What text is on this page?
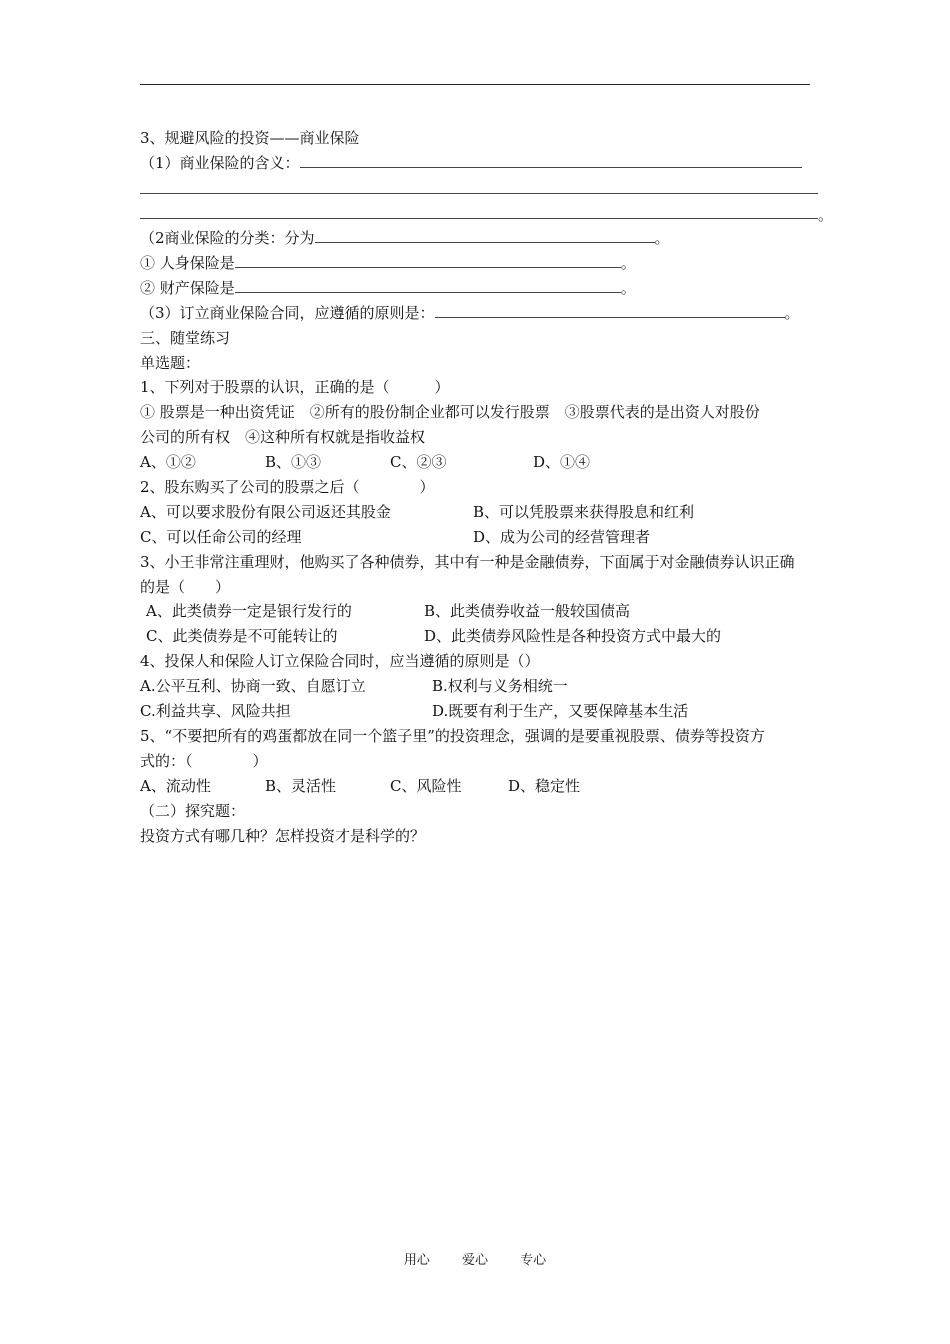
3、规避风险的投资——商业保险
（1）商业保险的含义：
。
（2商业保险的分类：分为	。
① 人身保险是	。
② 财产保险是	。
（3）订立商业保险合同，应遵循的原则是：	。
三、随堂练习
单选题：
1、下列对于股票的认识，正确的是（　　　）
① 股票是一种出资凭证　②所有的股份制企业都可以发行股票　③股票代表的是出资人对股份
公司的所有权　④这种所有权就是指收益权
A、①②	B、①③	C、②③	D、①④
2、股东购买了公司的股票之后（　　　　）
A、可以要求股份有限公司返还其股金	B、可以凭股票来获得股息和红利
C、可以任命公司的经理	D、成为公司的经营管理者
3、小王非常注重理财，他购买了各种债券，其中有一种是金融债券，下面属于对金融债券认识正确
的是（　　）
A、此类债券一定是银行发行的	B、此类债券收益一般较国债高
C、此类债券是不可能转让的	D、此类债券风险性是各种投资方式中最大的
4、投保人和保险人订立保险合同时，应当遵循的原则是（）
A.公平互利、协商一致、自愿订立	B.权利与义务相统一
C.利益共享、风险共担	D.既要有利于生产，又要保障基本生活
5、“不要把所有的鸡蛋都放在同一个篮子里”的投资理念，强调的是要重视股票、债券等投资方
式的：（　　　　）
A、流动性	B、灵活性	C、风险性	D、稳定性
（二）探究题：
投资方式有哪几种？怎样投资才是科学的？
用心 爱心 专心
